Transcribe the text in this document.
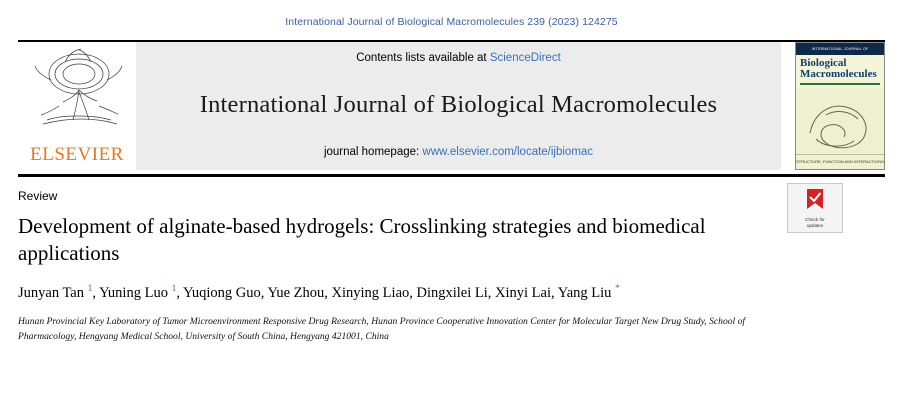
International Journal of Biological Macromolecules 239 (2023) 124275
ELSEVIER
Contents lists available at ScienceDirect
International Journal of Biological Macromolecules
journal homepage: www.elsevier.com/locate/ijbiomac
INTERNATIONAL JOURNAL OF
Biological
Macromolecules
STRUCTURE, FUNCTION AND INTERACTIONS
Check for
updates
Review
Development of alginate-based hydrogels: Crosslinking strategies and biomedical applications
Junyan Tan $^1$, Yuning Luo $^1$, Yuqiong Guo, Yue Zhou, Xinying Liao, Dingxilei Li, Xinyi Lai, Yang Liu *
Hunan Provincial Key Laboratory of Tumor Microenvironment Responsive Drug Research, Hunan Province Cooperative Innovation Center for Molecular Target New Drug Study, School of Pharmacology, Hengyang Medical School, University of South China, Hengyang 421001, China
